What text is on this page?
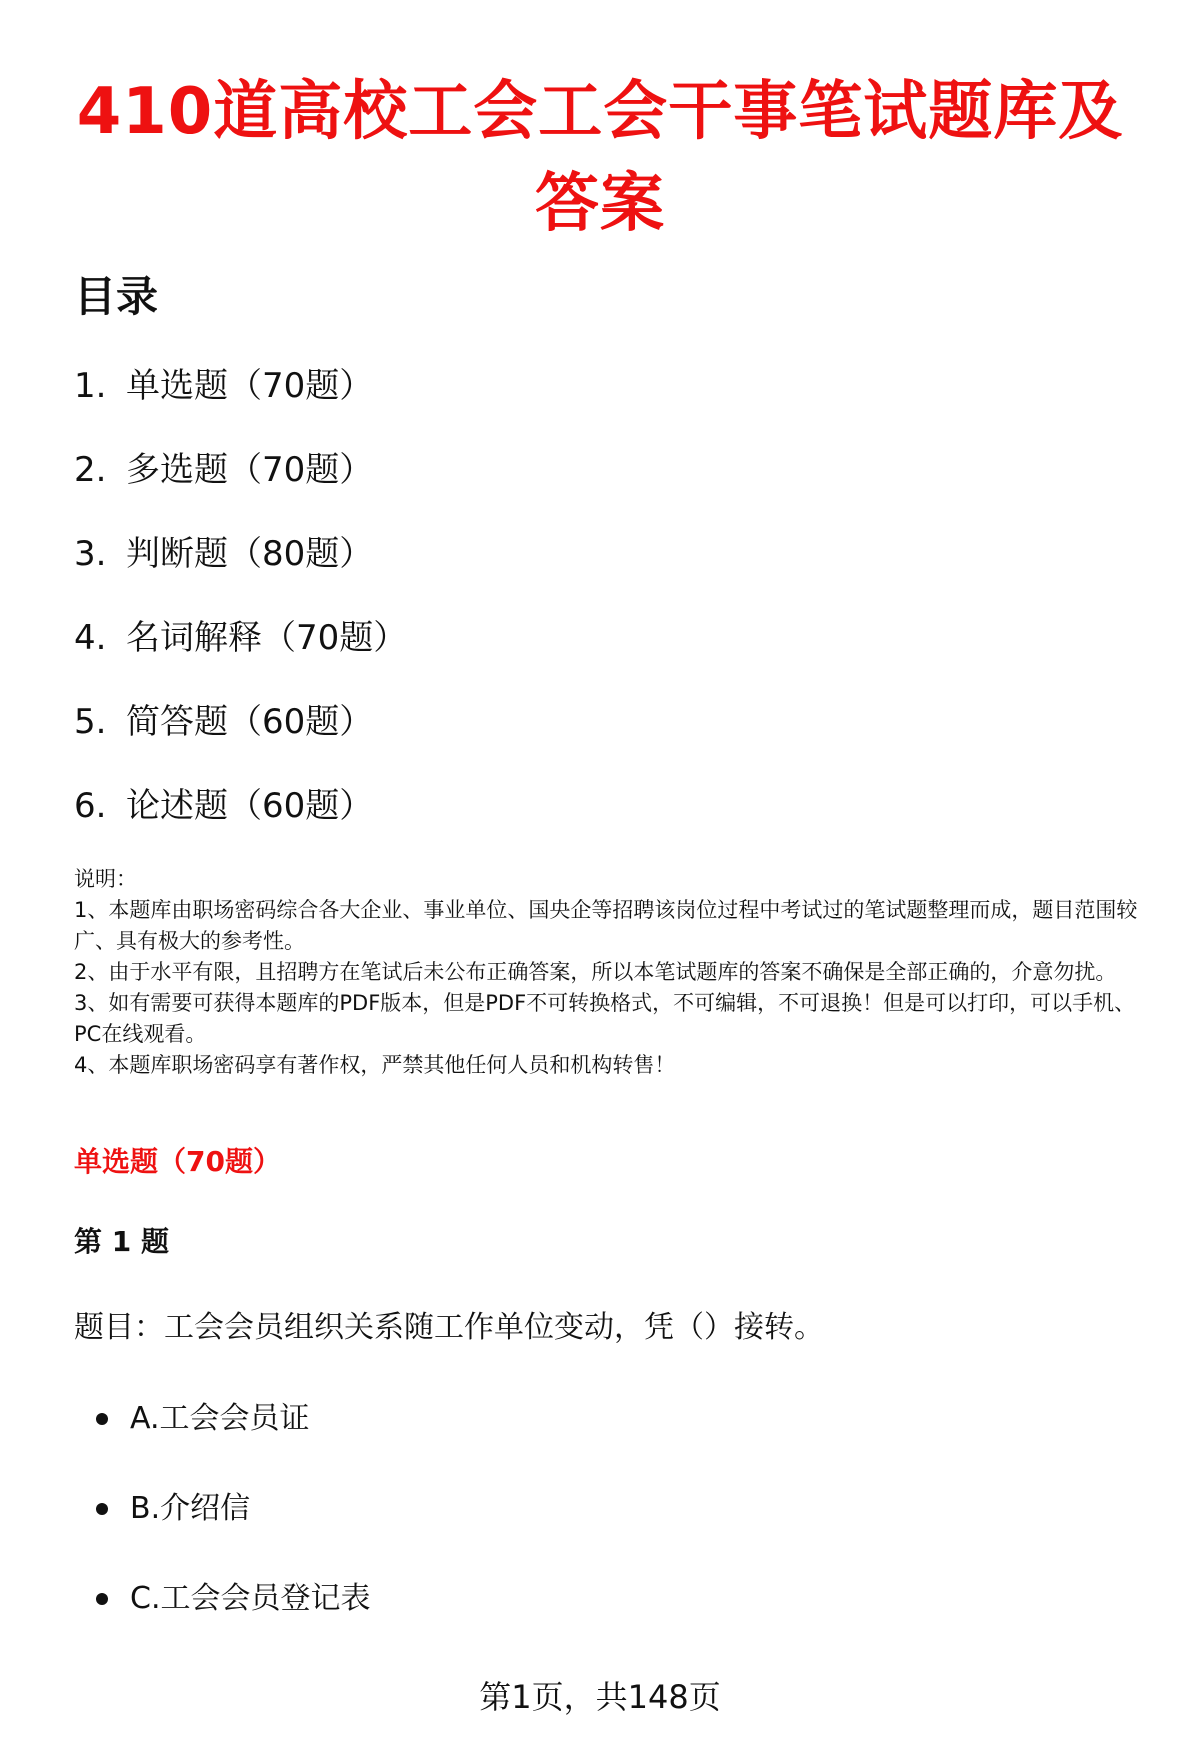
410道高校工会工会干事笔试题库及答案
目录
1. 单选题（70题）
2. 多选题（70题）
3. 判断题（80题）
4. 名词解释（70题）
5. 简答题（60题）
6. 论述题（60题）

说明：

1、本题库由职场密码综合各大企业、事业单位、国央企等招聘该岗位过程中考试过的笔试题整理而成，题目范围较广、具有极大的参考性。

2、由于水平有限，且招聘方在笔试后未公布正确答案，所以本笔试题库的答案不确保是全部正确的，介意勿扰。

3、如有需要可获得本题库的PDF版本，但是PDF不可转换格式，不可编辑，不可退换！但是可以打印，可以手机、PC在线观看。

4、本题库职场密码享有著作权，严禁其他任何人员和机构转售！

单选题（70题）
第 1 题

题目：工会会员组织关系随工作单位变动，凭（）接转。

A.工会会员证
B.介绍信
C.工会会员登记表
第1页，共148页
